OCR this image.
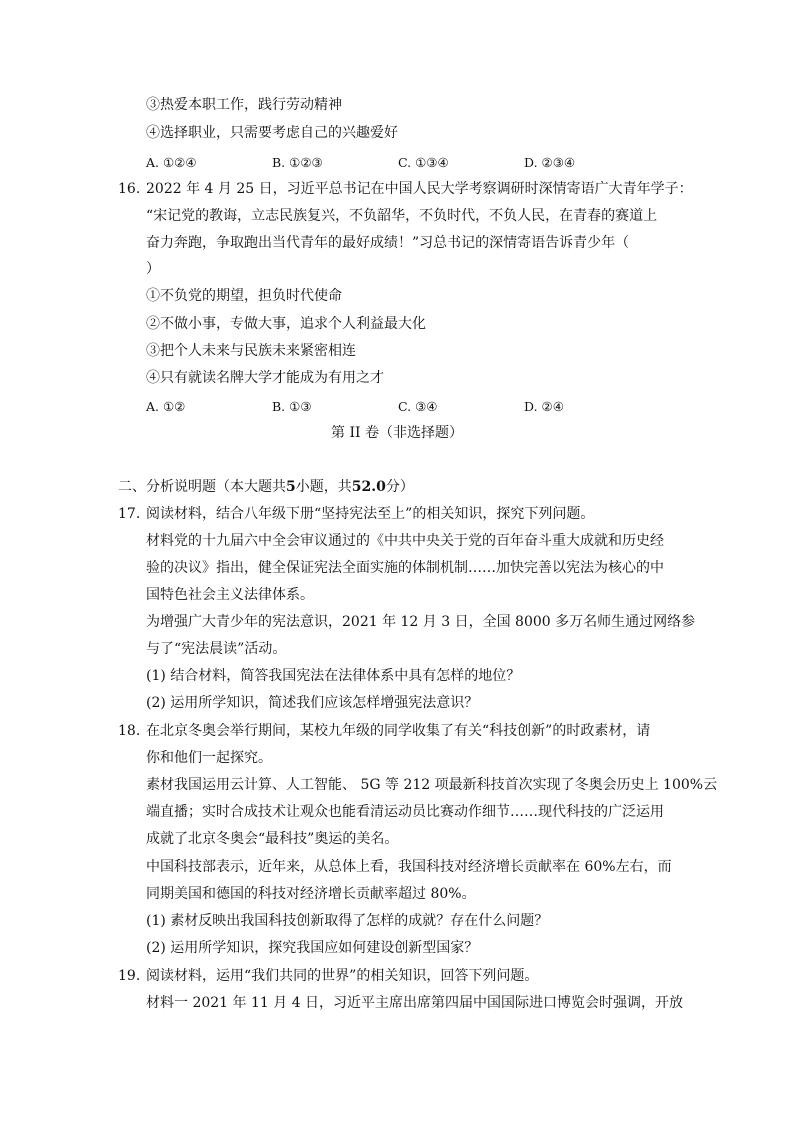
③热爱本职工作，践行劳动精神
④选择职业，只需要考虑自己的兴趣爱好
A. ①②④	B. ①②③	C. ①③④	D. ②③④
16. 2022 年 4 月 25 日，习近平总书记在中国人民大学考察调研时深情寄语广大青年学子：
“宋记党的教诲，立志民族复兴，不负韶华，不负时代，不负人民，在青春的赛道上
奋力奔跑，争取跑出当代青年的最好成绩！”习总书记的深情寄语告诉青少年（
）
①不负党的期望，担负时代使命
②不做小事，专做大事，追求个人利益最大化
③把个人未来与民族未来紧密相连
④只有就读名牌大学才能成为有用之才
A. ①②	B. ①③	C. ③④	D. ②④
第 II 卷（非选择题）
二、分析说明题（本大题共5小题，共52.0分）
17. 阅读材料，结合八年级下册“坚持宪法至上”的相关知识，探究下列问题。
材料党的十九届六中全会审议通过的《中共中央关于党的百年奋斗重大成就和历史经
验的决议》指出，健全保证宪法全面实施的体制机制……加快完善以宪法为核心的中
国特色社会主义法律体系。
为增强广大青少年的宪法意识，2021 年 12 月 3 日，全国 8000 多万名师生通过网络参
与了“宪法晨读”活动。
(1) 结合材料，简答我国宪法在法律体系中具有怎样的地位？
(2) 运用所学知识，简述我们应该怎样增强宪法意识？
18. 在北京冬奥会举行期间，某校九年级的同学收集了有关“科技创新”的时政素材，请
你和他们一起探究。
素材我国运用云计算、人工智能、 5G 等 212 项最新科技首次实现了冬奥会历史上 100%云
端直播；实时合成技术让观众也能看清运动员比赛动作细节……现代科技的广泛运用
成就了北京冬奥会“最科技”奥运的美名。
中国科技部表示，近年来，从总体上看，我国科技对经济增长贡献率在 60%左右，而
同期美国和德国的科技对经济增长贡献率超过 80%。
(1) 素材反映出我国科技创新取得了怎样的成就？存在什么问题？
(2) 运用所学知识，探究我国应如何建设创新型国家？
19. 阅读材料，运用“我们共同的世界”的相关知识，回答下列问题。
材料一 2021 年 11 月 4 日，习近平主席出席第四届中国国际进口博览会时强调，开放
